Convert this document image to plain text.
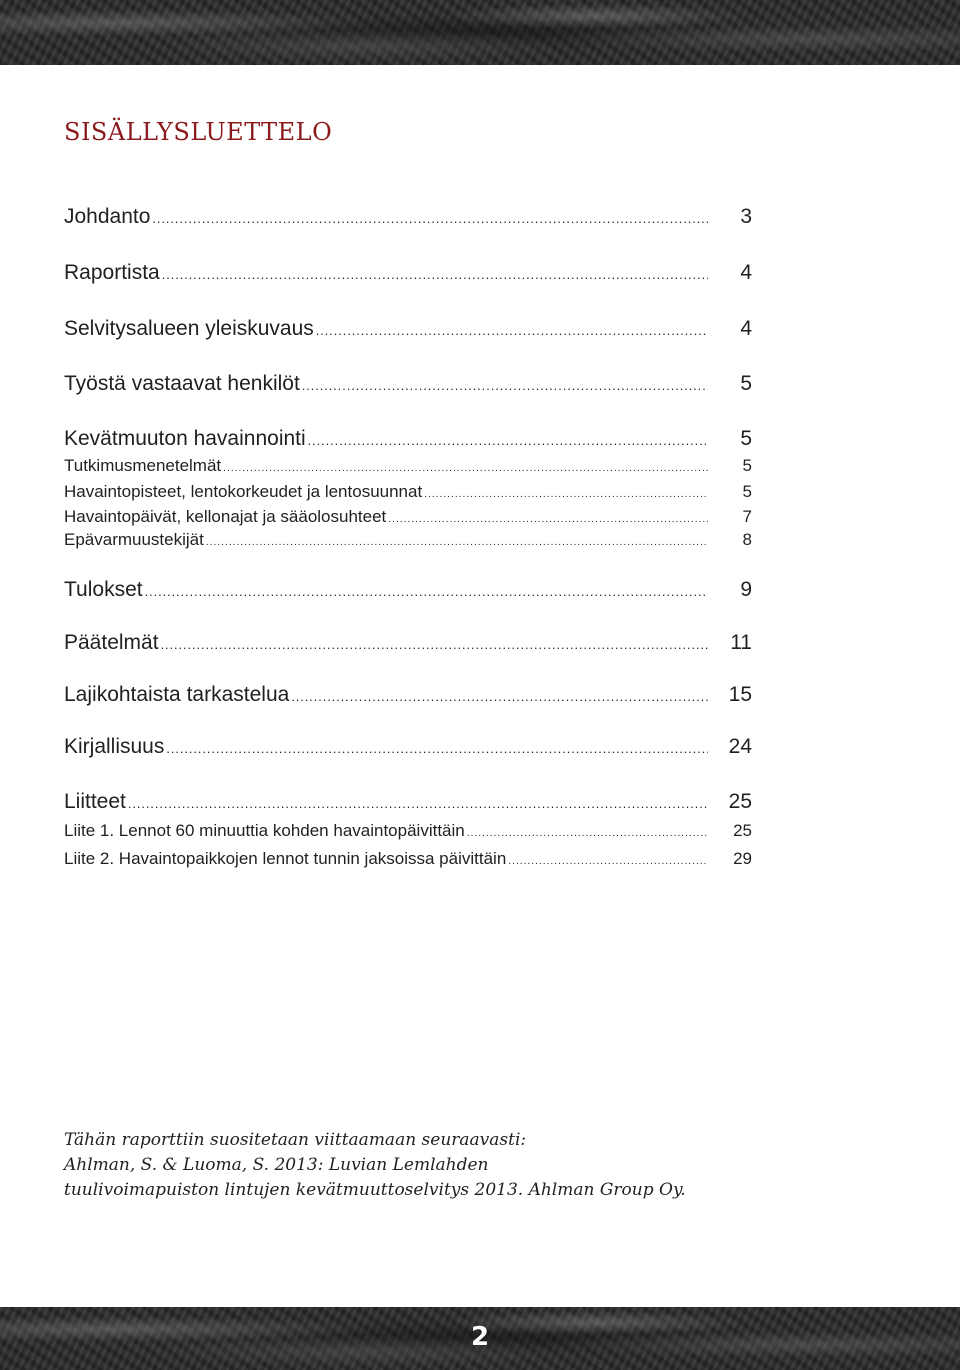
SISÄLLYSLUETTELO
Johdanto .....	3
Raportista .....	4
Selvitysalueen yleiskuvaus .....	4
Työstä vastaavat henkilöt .....	5
Kevätmuuton havainnointi .....	5
Tutkimusmenetelmät .....	5
Havaintopisteet, lentokorkeudet ja lentosuunnat .....	5
Havaintopäivät, kellonajat ja sääolosuhteet .....	7
Epävarmuustekijät .....	8
Tulokset .....	9
Päätelmät .....	11
Lajikohtaista tarkastelua .....	15
Kirjallisuus .....	24
Liitteet .....	25
Liite 1. Lennot 60 minuuttia kohden havaintopäivittäin .....	25
Liite 2. Havaintopaikkojen lennot tunnin jaksoissa päivittäin .....	29
Tähän raporttiin suositetaan viittaamaan seuraavasti:
Ahlman, S. & Luoma, S. 2013: Luvian Lemlahden
tuulivoimapuiston lintujen kevätmuuttoselvitys 2013. Ahlman Group Oy.
2
